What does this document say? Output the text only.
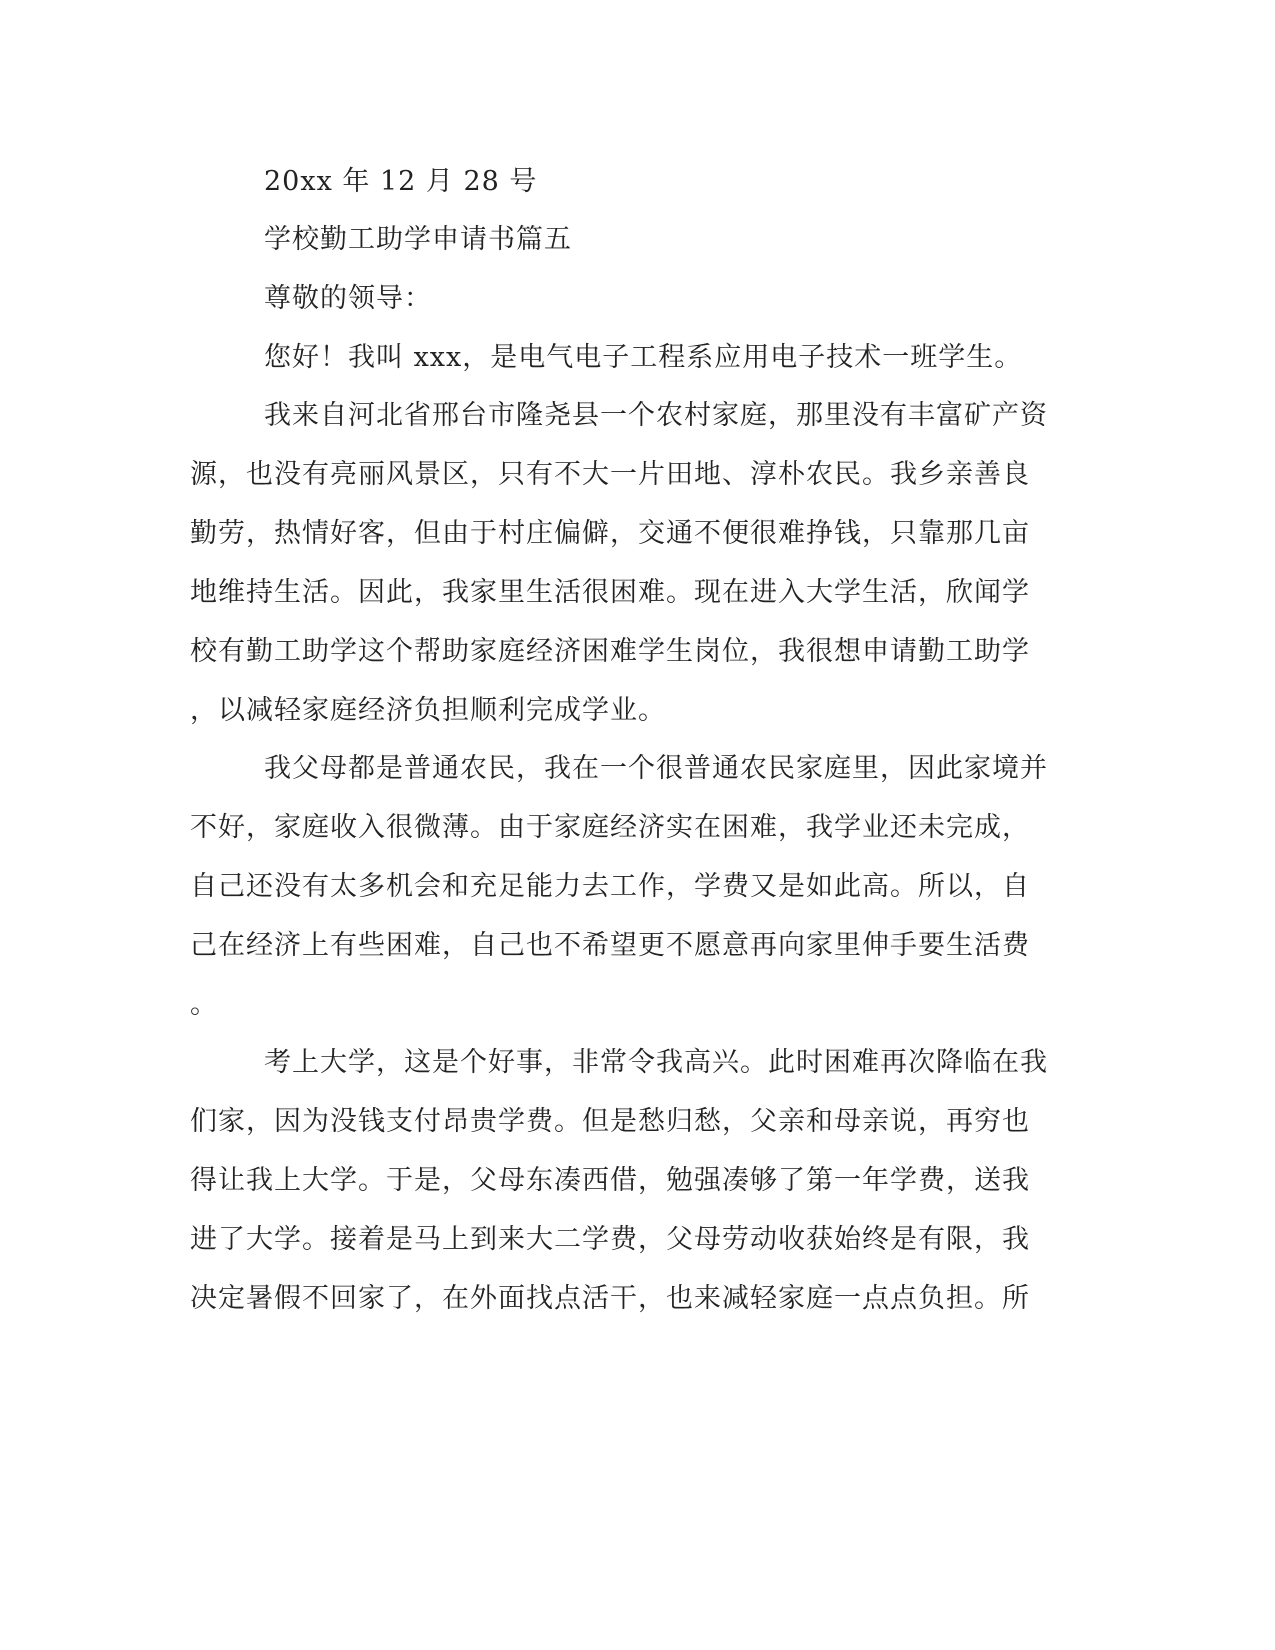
20xx 年 12 月 28 号
学校勤工助学申请书篇五
尊敬的领导：
您好！我叫 xxx，是电气电子工程系应用电子技术一班学生。
我来自河北省邢台市隆尧县一个农村家庭，那里没有丰富矿产资
源，也没有亮丽风景区，只有不大一片田地、淳朴农民。我乡亲善良
勤劳，热情好客，但由于村庄偏僻，交通不便很难挣钱，只靠那几亩
地维持生活。因此，我家里生活很困难。现在进入大学生活，欣闻学
校有勤工助学这个帮助家庭经济困难学生岗位，我很想申请勤工助学
，以减轻家庭经济负担顺利完成学业。
我父母都是普通农民，我在一个很普通农民家庭里，因此家境并
不好，家庭收入很微薄。由于家庭经济实在困难，我学业还未完成，
自己还没有太多机会和充足能力去工作，学费又是如此高。所以，自
己在经济上有些困难，自己也不希望更不愿意再向家里伸手要生活费
。
考上大学，这是个好事，非常令我高兴。此时困难再次降临在我
们家，因为没钱支付昂贵学费。但是愁归愁，父亲和母亲说，再穷也
得让我上大学。于是，父母东凑西借，勉强凑够了第一年学费，送我
进了大学。接着是马上到来大二学费，父母劳动收获始终是有限，我
决定暑假不回家了，在外面找点活干，也来减轻家庭一点点负担。所
